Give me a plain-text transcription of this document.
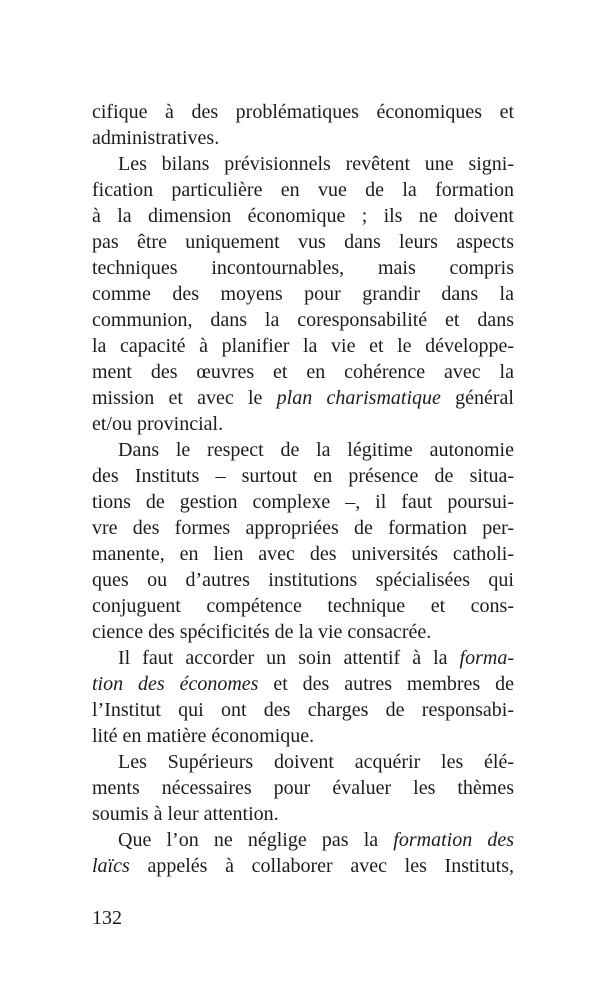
cifique à des problématiques économiques et
administratives.
Les bilans prévisionnels revêtent une signi-
fication particulière en vue de la formation
à la dimension économique ; ils ne doivent
pas être uniquement vus dans leurs aspects
techniques incontournables, mais compris
comme des moyens pour grandir dans la
communion, dans la coresponsabilité et dans
la capacité à planifier la vie et le développe-
ment des œuvres et en cohérence avec la
mission et avec le plan charismatique général
et/ou provincial.
Dans le respect de la légitime autonomie
des Instituts – surtout en présence de situa-
tions de gestion complexe –, il faut poursui-
vre des formes appropriées de formation per-
manente, en lien avec des universités catholi-
ques ou d’autres institutions spécialisées qui
conjuguent compétence technique et cons-
cience des spécificités de la vie consacrée.
Il faut accorder un soin attentif à la forma-
tion des économes et des autres membres de
l’Institut qui ont des charges de responsabi-
lité en matière économique.
Les Supérieurs doivent acquérir les élé-
ments nécessaires pour évaluer les thèmes
soumis à leur attention.
Que l’on ne néglige pas la formation des
laïcs appelés à collaborer avec les Instituts,
132
